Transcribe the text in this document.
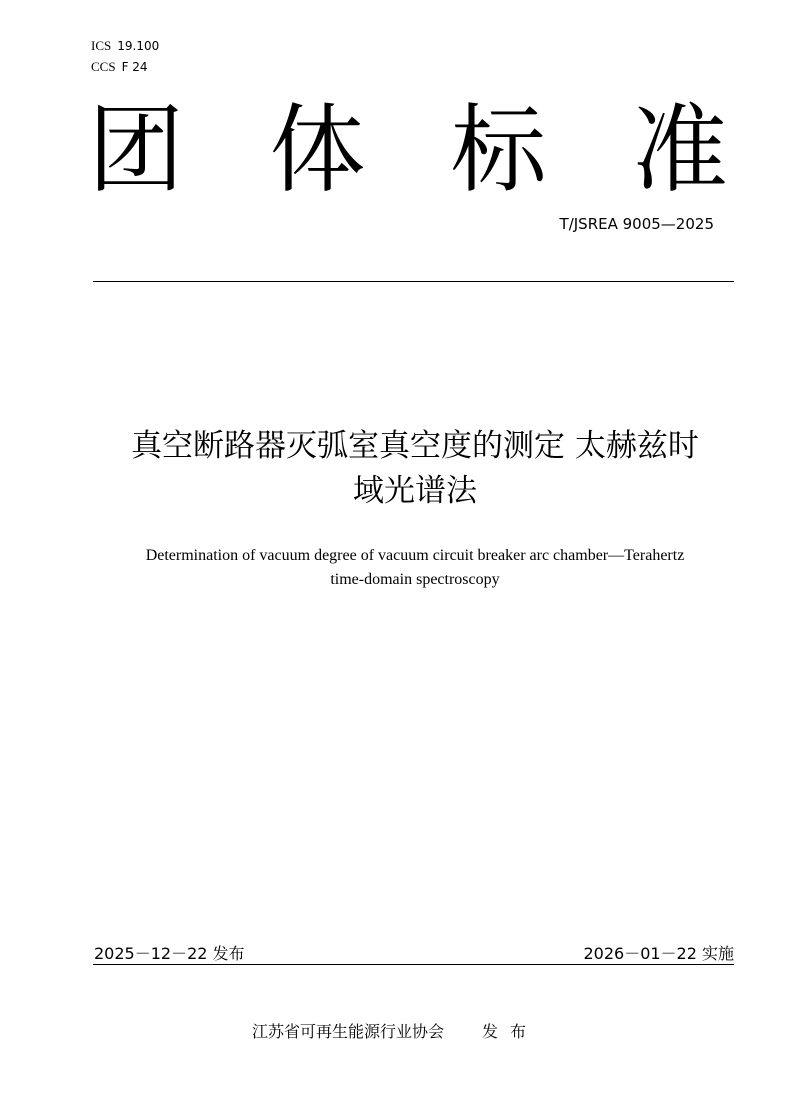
ICS 19.100
CCS F 24
团 体 标 准
T/JSREA 9005—2025
真空断路器灭弧室真空度的测定 太赫兹时
域光谱法
Determination of vacuum degree of vacuum circuit breaker arc chamber—Terahertz
time-domain spectroscopy
2025－12－22 发布	2026－01－22 实施
江苏省可再生能源行业协会 发布
